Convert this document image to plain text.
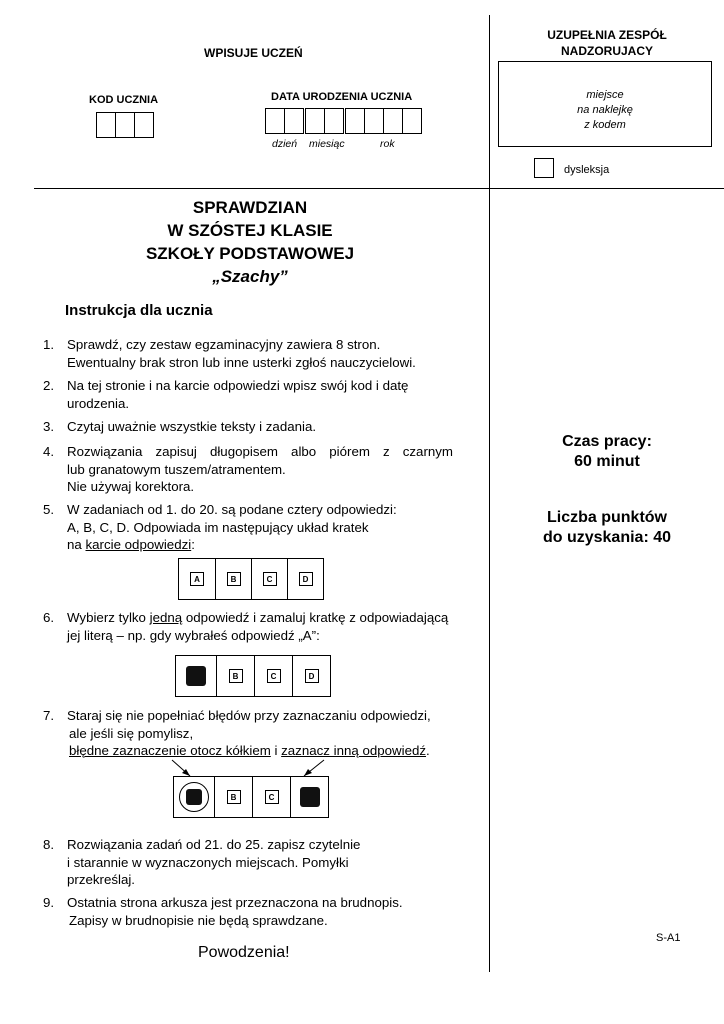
WPISUJE UCZEŃ
KOD UCZNIA	DATA URODZENIA UCZNIA
dzień miesiąc	rok
UZUPEŁNIA ZESPÓŁ
NADZORUJACY
miejsce
na naklejkę
z kodem
dysleksja
SPRAWDZIAN
W SZÓSTEJ KLASIE
SZKOŁY PODSTAWOWEJ
„Szachy”
Instrukcja dla ucznia
1. Sprawdź, czy zestaw egzaminacyjny zawiera 8 stron.
Ewentualny brak stron lub inne usterki zgłoś nauczycielowi.
2. Na tej stronie i na karcie odpowiedzi wpisz swój kod i datę
urodzenia.
3. Czytaj uważnie wszystkie teksty i zadania.
4. Rozwiązania zapisuj długopisem albo piórem z czarnym
lub granatowym tuszem/atramentem.
Nie używaj korektora.
5. W zadaniach od 1. do 20. są podane cztery odpowiedzi:
A, B, C, D. Odpowiada im następujący układ kratek
na karcie odpowiedzi:
6. Wybierz tylko jedną odpowiedź i zamaluj kratkę z odpowiadającą
jej literą – np. gdy wybrałeś odpowiedź „A”:
7. Staraj się nie popełniać błędów przy zaznaczaniu odpowiedzi,
ale jeśli się pomylisz,
błędne zaznaczenie otocz kółkiem i zaznacz inną odpowiedź.
8. Rozwiązania zadań od 21. do 25. zapisz czytelnie
i starannie w wyznaczonych miejscach. Pomyłki
przekreślaj.
9. Ostatnia strona arkusza jest przeznaczona na brudnopis.
Zapisy w brudnopisie nie będą sprawdzane.
A	B	C	D
B	C	D
B	C
Powodzenia!
Czas pracy:
60 minut
Liczba punktów
do uzyskania: 40
S-A1
